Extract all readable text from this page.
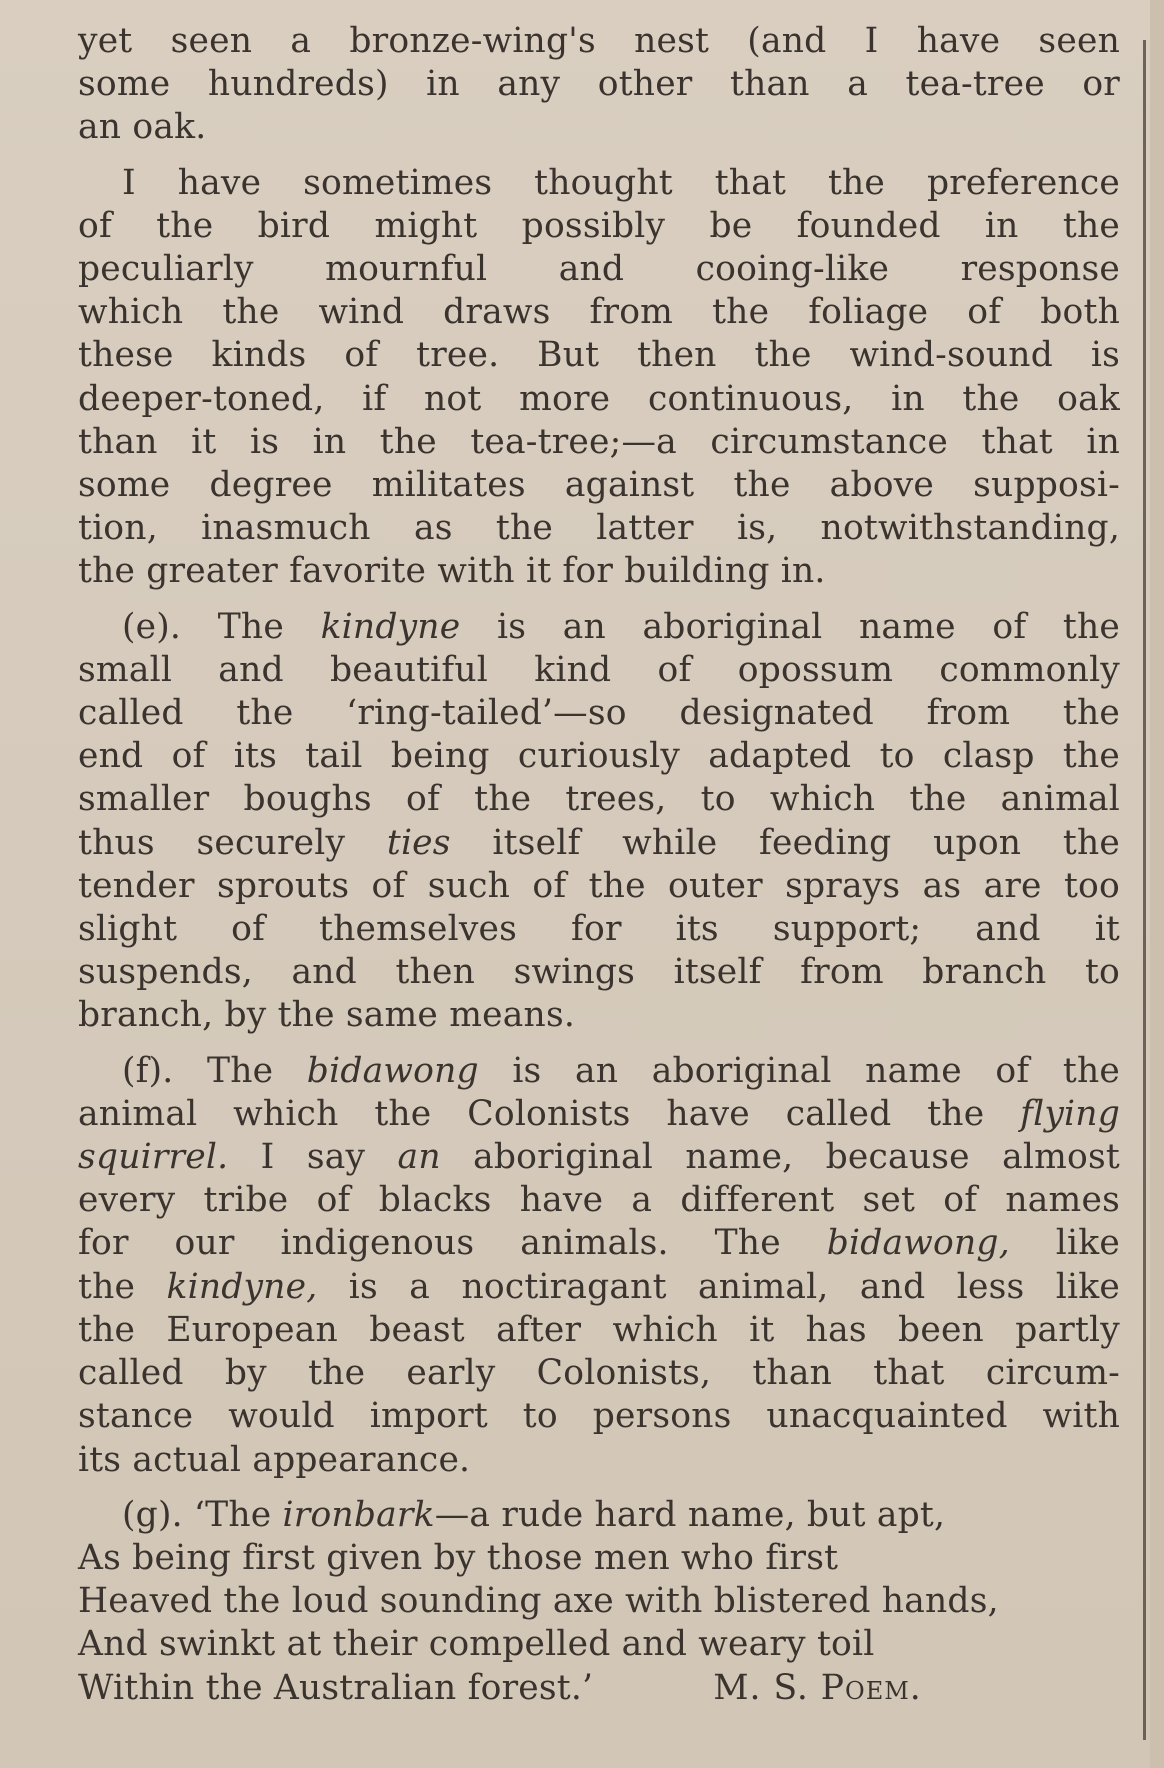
yet seen a bronze-wing's nest (and I have seen
some hundreds) in any other than a tea-tree or
an oak.
I have sometimes thought that the preference
of the bird might possibly be founded in the
peculiarly mournful and cooing-like response
which the wind draws from the foliage of both
these kinds of tree. But then the wind-sound is
deeper-toned, if not more continuous, in the oak
than it is in the tea-tree;—a circumstance that in
some degree militates against the above supposi-
tion, inasmuch as the latter is, notwithstanding,
the greater favorite with it for building in.
(e). The kindyne is an aboriginal name of the
small and beautiful kind of opossum commonly
called the ‘ring-tailed’—so designated from the
end of its tail being curiously adapted to clasp the
smaller boughs of the trees, to which the animal
thus securely ties itself while feeding upon the
tender sprouts of such of the outer sprays as are too
slight of themselves for its support; and it
suspends, and then swings itself from branch to
branch, by the same means.
(f). The bidawong is an aboriginal name of the
animal which the Colonists have called the flying
squirrel. I say an aboriginal name, because almost
every tribe of blacks have a different set of names
for our indigenous animals. The bidawong, like
the kindyne, is a noctiragant animal, and less like
the European beast after which it has been partly
called by the early Colonists, than that circum-
stance would import to persons unacquainted with
its actual appearance.
(g). ‘The ironbark—a rude hard name, but apt,
As being first given by those men who first
Heaved the loud sounding axe with blistered hands,
And swinkt at their compelled and weary toil
Within the Australian forest.’	M. S. Poem.
